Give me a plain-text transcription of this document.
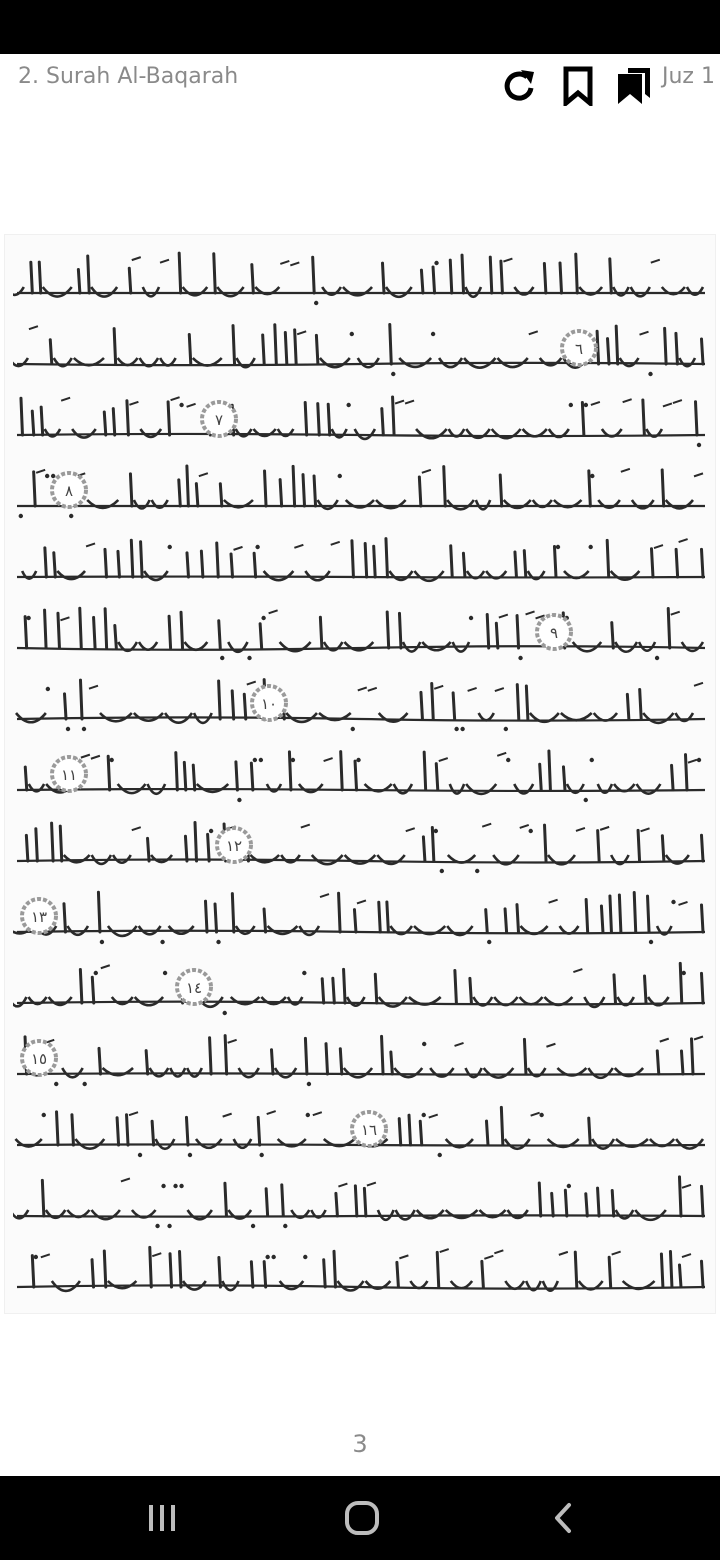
2. Surah Al-Baqarah	Juz 1
٦
٧
٨
٩
١٠
١١
١٢
١٣
١٤
١٥
١٦
3
